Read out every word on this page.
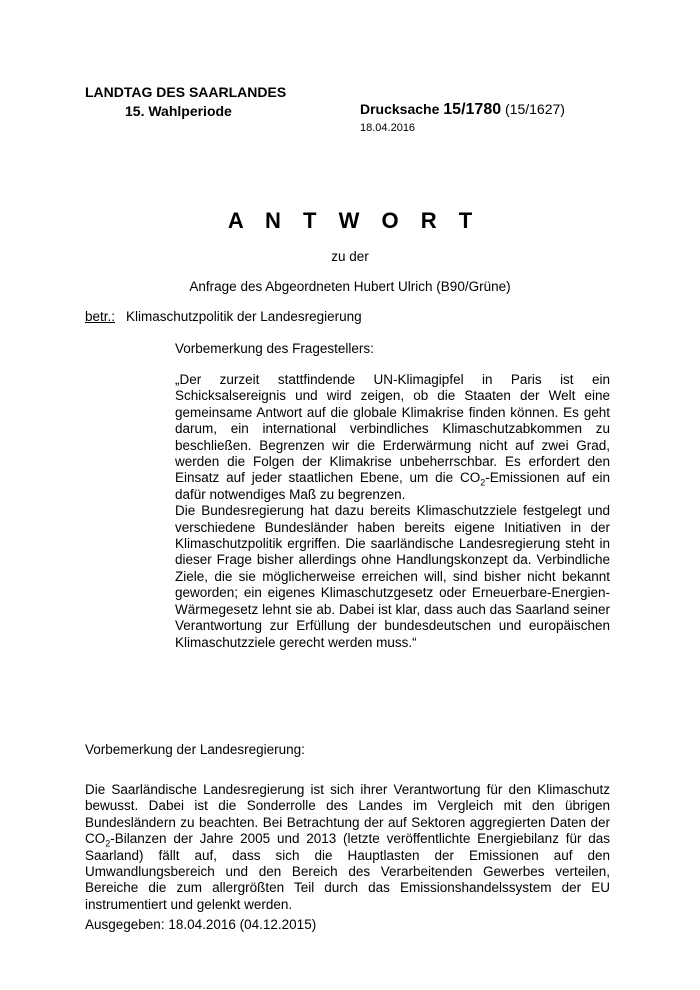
LANDTAG DES SAARLANDES
15. Wahlperiode	Drucksache 15/1780 (15/1627)
18.04.2016
A N T W O R T
zu der
Anfrage des Abgeordneten Hubert Ulrich (B90/Grüne)
betr.: Klimaschutzpolitik der Landesregierung
Vorbemerkung des Fragestellers:

„Der zurzeit stattfindende UN-Klimagipfel in Paris ist ein Schicksalsereignis und wird zeigen, ob die Staaten der Welt eine gemeinsame Antwort auf die globale Klimakrise finden können. Es geht darum, ein international verbindliches Klimaschutzabkommen zu beschließen. Begrenzen wir die Erderwärmung nicht auf zwei Grad, werden die Folgen der Klimakrise unbeherrschbar. Es erfordert den Einsatz auf jeder staatlichen Ebene, um die $CO_2$-Emissionen auf ein dafür notwendiges Maß zu begrenzen.

Die Bundesregierung hat dazu bereits Klimaschutzziele festgelegt und verschiedene Bundesländer haben bereits eigene Initiativen in der Klimaschutzpolitik ergriffen. Die saarländische Landesregierung steht in dieser Frage bisher allerdings ohne Handlungskonzept da. Verbindliche Ziele, die sie möglicherweise erreichen will, sind bisher nicht bekannt geworden; ein eigenes Klimaschutzgesetz oder Erneuerbare-Energien-Wärmegesetz lehnt sie ab. Dabei ist klar, dass auch das Saarland seiner Verantwortung zur Erfüllung der bundesdeutschen und europäischen Klimaschutzziele gerecht werden muss.“

Vorbemerkung der Landesregierung:
Die Saarländische Landesregierung ist sich ihrer Verantwortung für den Klimaschutz bewusst. Dabei ist die Sonderrolle des Landes im Vergleich mit den übrigen Bundesländern zu beachten. Bei Betrachtung der auf Sektoren aggregierten Daten der $CO_2$-Bilanzen der Jahre 2005 und 2013 (letzte veröffentlichte Energiebilanz für das Saarland) fällt auf, dass sich die Hauptlasten der Emissionen auf den Umwandlungsbereich und den Bereich des Verarbeitenden Gewerbes verteilen, Bereiche die zum allergrößten Teil durch das Emissionshandelssystem der EU instrumentiert und gelenkt werden.
Ausgegeben: 18.04.2016 (04.12.2015)
